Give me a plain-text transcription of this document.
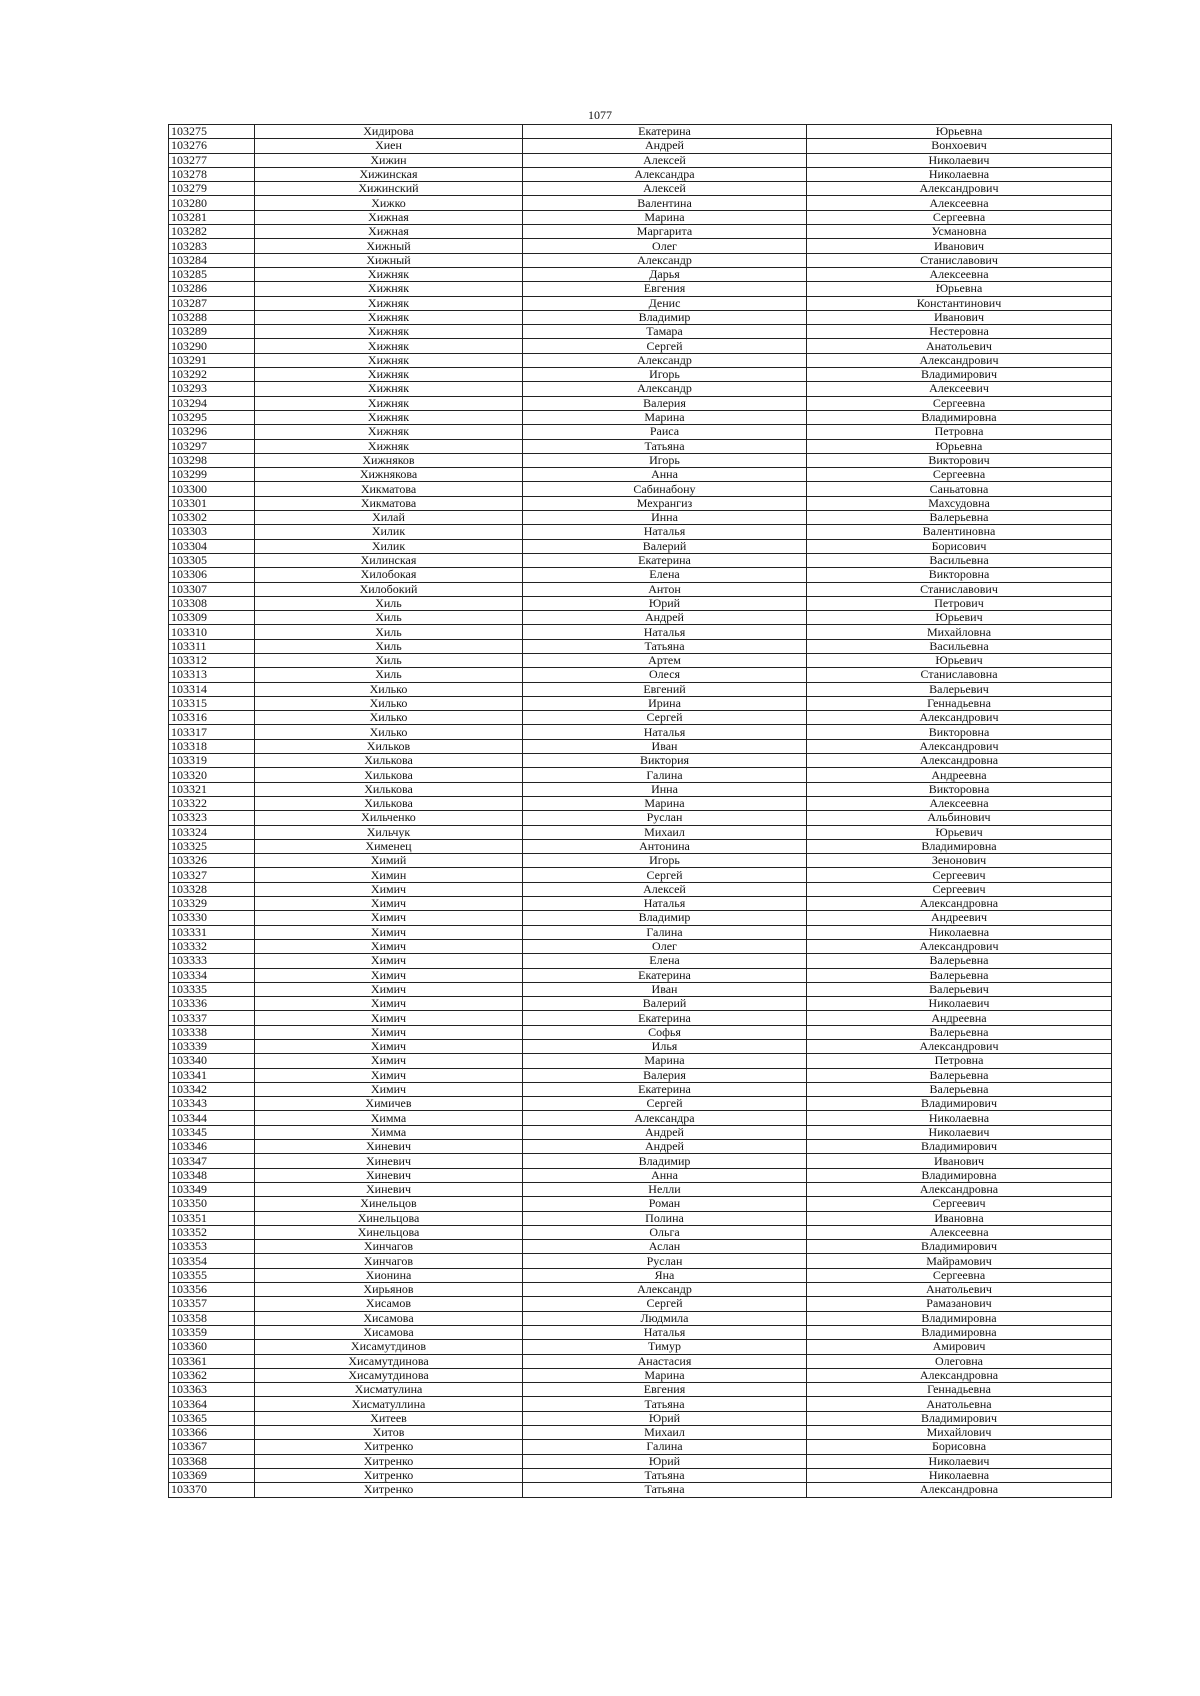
1077
103275	Хидирова	Екатерина	Юрьевна
103276	Хиен	Андрей	Вонхоевич
103277	Хижин	Алексей	Николаевич
103278	Хижинская	Александра	Николаевна
103279	Хижинский	Алексей	Александрович
103280	Хижко	Валентина	Алексеевна
103281	Хижная	Марина	Сергеевна
103282	Хижная	Маргарита	Усмановна
103283	Хижный	Олег	Иванович
103284	Хижный	Александр	Станиславович
103285	Хижняк	Дарья	Алексеевна
103286	Хижняк	Евгения	Юрьевна
103287	Хижняк	Денис	Константинович
103288	Хижняк	Владимир	Иванович
103289	Хижняк	Тамара	Нестеровна
103290	Хижняк	Сергей	Анатольевич
103291	Хижняк	Александр	Александрович
103292	Хижняк	Игорь	Владимирович
103293	Хижняк	Александр	Алексеевич
103294	Хижняк	Валерия	Сергеевна
103295	Хижняк	Марина	Владимировна
103296	Хижняк	Раиса	Петровна
103297	Хижняк	Татьяна	Юрьевна
103298	Хижняков	Игорь	Викторович
103299	Хижнякова	Анна	Сергеевна
103300	Хикматова	Сабинабону	Саньатовна
103301	Хикматова	Мехрангиз	Махсудовна
103302	Хилай	Инна	Валерьевна
103303	Хилик	Наталья	Валентиновна
103304	Хилик	Валерий	Борисович
103305	Хилинская	Екатерина	Васильевна
103306	Хилобокая	Елена	Викторовна
103307	Хилобокий	Антон	Станиславович
103308	Хиль	Юрий	Петрович
103309	Хиль	Андрей	Юрьевич
103310	Хиль	Наталья	Михайловна
103311	Хиль	Татьяна	Васильевна
103312	Хиль	Артем	Юрьевич
103313	Хиль	Олеся	Станиславовна
103314	Хилько	Евгений	Валерьевич
103315	Хилько	Ирина	Геннадьевна
103316	Хилько	Сергей	Александрович
103317	Хилько	Наталья	Викторовна
103318	Хильков	Иван	Александрович
103319	Хилькова	Виктория	Александровна
103320	Хилькова	Галина	Андреевна
103321	Хилькова	Инна	Викторовна
103322	Хилькова	Марина	Алексеевна
103323	Хильченко	Руслан	Альбинович
103324	Хильчук	Михаил	Юрьевич
103325	Хименец	Антонина	Владимировна
103326	Химий	Игорь	Зенонович
103327	Химин	Сергей	Сергеевич
103328	Химич	Алексей	Сергеевич
103329	Химич	Наталья	Александровна
103330	Химич	Владимир	Андреевич
103331	Химич	Галина	Николаевна
103332	Химич	Олег	Александрович
103333	Химич	Елена	Валерьевна
103334	Химич	Екатерина	Валерьевна
103335	Химич	Иван	Валерьевич
103336	Химич	Валерий	Николаевич
103337	Химич	Екатерина	Андреевна
103338	Химич	Софья	Валерьевна
103339	Химич	Илья	Александрович
103340	Химич	Марина	Петровна
103341	Химич	Валерия	Валерьевна
103342	Химич	Екатерина	Валерьевна
103343	Химичев	Сергей	Владимирович
103344	Химма	Александра	Николаевна
103345	Химма	Андрей	Николаевич
103346	Хиневич	Андрей	Владимирович
103347	Хиневич	Владимир	Иванович
103348	Хиневич	Анна	Владимировна
103349	Хиневич	Нелли	Александровна
103350	Хинельцов	Роман	Сергеевич
103351	Хинельцова	Полина	Ивановна
103352	Хинельцова	Ольга	Алексеевна
103353	Хинчагов	Аслан	Владимирович
103354	Хинчагов	Руслан	Майрамович
103355	Хионина	Яна	Сергеевна
103356	Хирьянов	Александр	Анатольевич
103357	Хисамов	Сергей	Рамазанович
103358	Хисамова	Людмила	Владимировна
103359	Хисамова	Наталья	Владимировна
103360	Хисамутдинов	Тимур	Амирович
103361	Хисамутдинова	Анастасия	Олеговна
103362	Хисамутдинова	Марина	Александровна
103363	Хисматулина	Евгения	Геннадьевна
103364	Хисматуллина	Татьяна	Анатольевна
103365	Хитеев	Юрий	Владимирович
103366	Хитов	Михаил	Михайлович
103367	Хитренко	Галина	Борисовна
103368	Хитренко	Юрий	Николаевич
103369	Хитренко	Татьяна	Николаевна
103370	Хитренко	Татьяна	Александровна
